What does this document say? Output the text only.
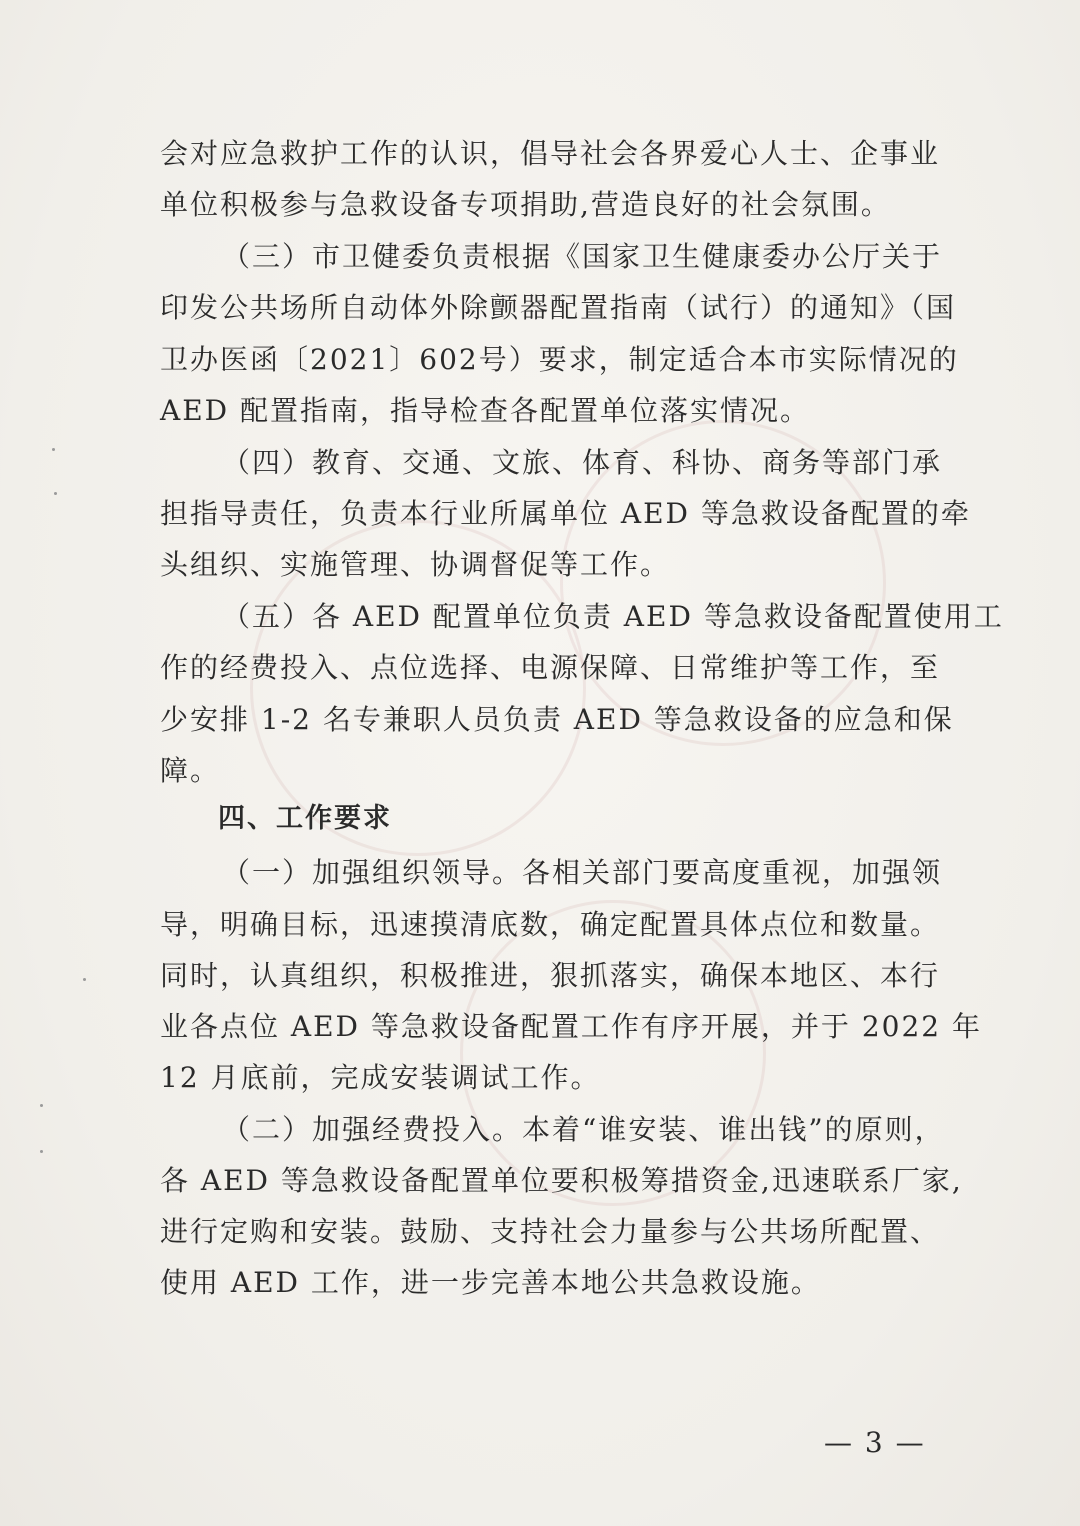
会对应急救护工作的认识，倡导社会各界爱心人士、企事业
单位积极参与急救设备专项捐助,营造良好的社会氛围。
（三）市卫健委负责根据《国家卫生健康委办公厅关于
印发公共场所自动体外除颤器配置指南（试行）的通知》（国
卫办医函〔2021〕602号）要求，制定适合本市实际情况的
AED 配置指南，指导检查各配置单位落实情况。
（四）教育、交通、文旅、体育、科协、商务等部门承
担指导责任，负责本行业所属单位 AED 等急救设备配置的牵
头组织、实施管理、协调督促等工作。
（五）各 AED 配置单位负责 AED 等急救设备配置使用工
作的经费投入、点位选择、电源保障、日常维护等工作，至
少安排 1-2 名专兼职人员负责 AED 等急救设备的应急和保
障。
四、工作要求
（一）加强组织领导。各相关部门要高度重视，加强领
导，明确目标，迅速摸清底数，确定配置具体点位和数量。
同时，认真组织，积极推进，狠抓落实，确保本地区、本行
业各点位 AED 等急救设备配置工作有序开展，并于 2022 年
12 月底前，完成安装调试工作。
（二）加强经费投入。本着“谁安装、谁出钱”的原则，
各 AED 等急救设备配置单位要积极筹措资金,迅速联系厂家,
进行定购和安装。鼓励、支持社会力量参与公共场所配置、
使用 AED 工作，进一步完善本地公共急救设施。
— 3 —
